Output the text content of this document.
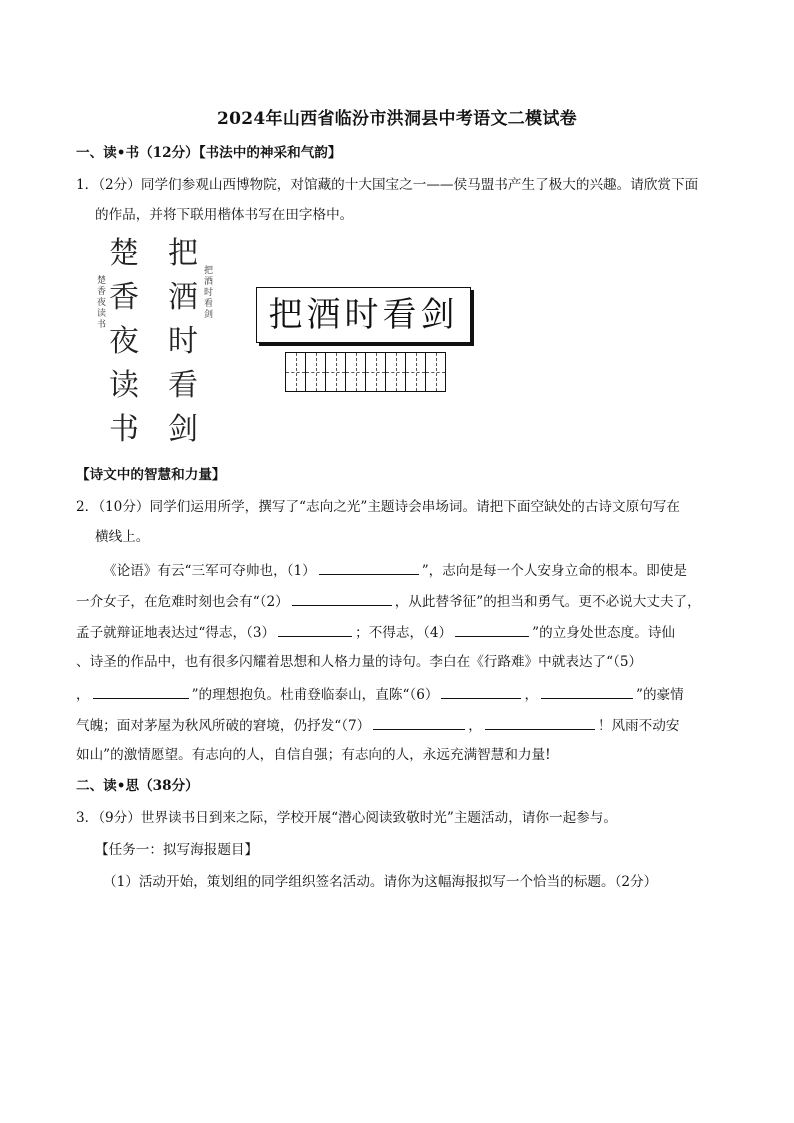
2024年山西省临汾市洪洞县中考语文二模试卷
一、读•书（12分）【书法中的神采和气韵】
1．（2分）同学们参观山西博物院，对馆藏的十大国宝之一——侯马盟书产生了极大的兴趣。请欣赏下面
的作品，并将下联用楷体书写在田字格中。
楚香夜读书
楚香夜读书
把酒时看剑
把酒时看剑	把酒时看剑
【诗文中的智慧和力量】
2．（10分）同学们运用所学，撰写了“志向之光”主题诗会串场词。请把下面空缺处的古诗文原句写在
横线上。
《论语》有云“三军可夺帅也，（1）	”，志向是每一个人安身立命的根本。即使是
一介女子，在危难时刻也会有“（2）	，从此替爷征”的担当和勇气。更不必说大丈夫了，
孟子就辩证地表达过“得志，（3）	；不得志，（4）	”的立身处世态度。诗仙
、诗圣的作品中，也有很多闪耀着思想和人格力量的诗句。李白在《行路难》中就表达了“（5）
，	”的理想抱负。杜甫登临泰山，直陈“（6）	，	”的豪情
气魄；面对茅屋为秋风所破的窘境，仍抒发“（7）	，	！风雨不动安
如山”的激情愿望。有志向的人，自信自强；有志向的人，永远充满智慧和力量!
二、读•思（38分）
3．（9分）世界读书日到来之际，学校开展“潜心阅读致敬时光”主题活动，请你一起参与。
【任务一：拟写海报题目】
（1）活动开始，策划组的同学组织签名活动。请你为这幅海报拟写一个恰当的标题。（2分）
